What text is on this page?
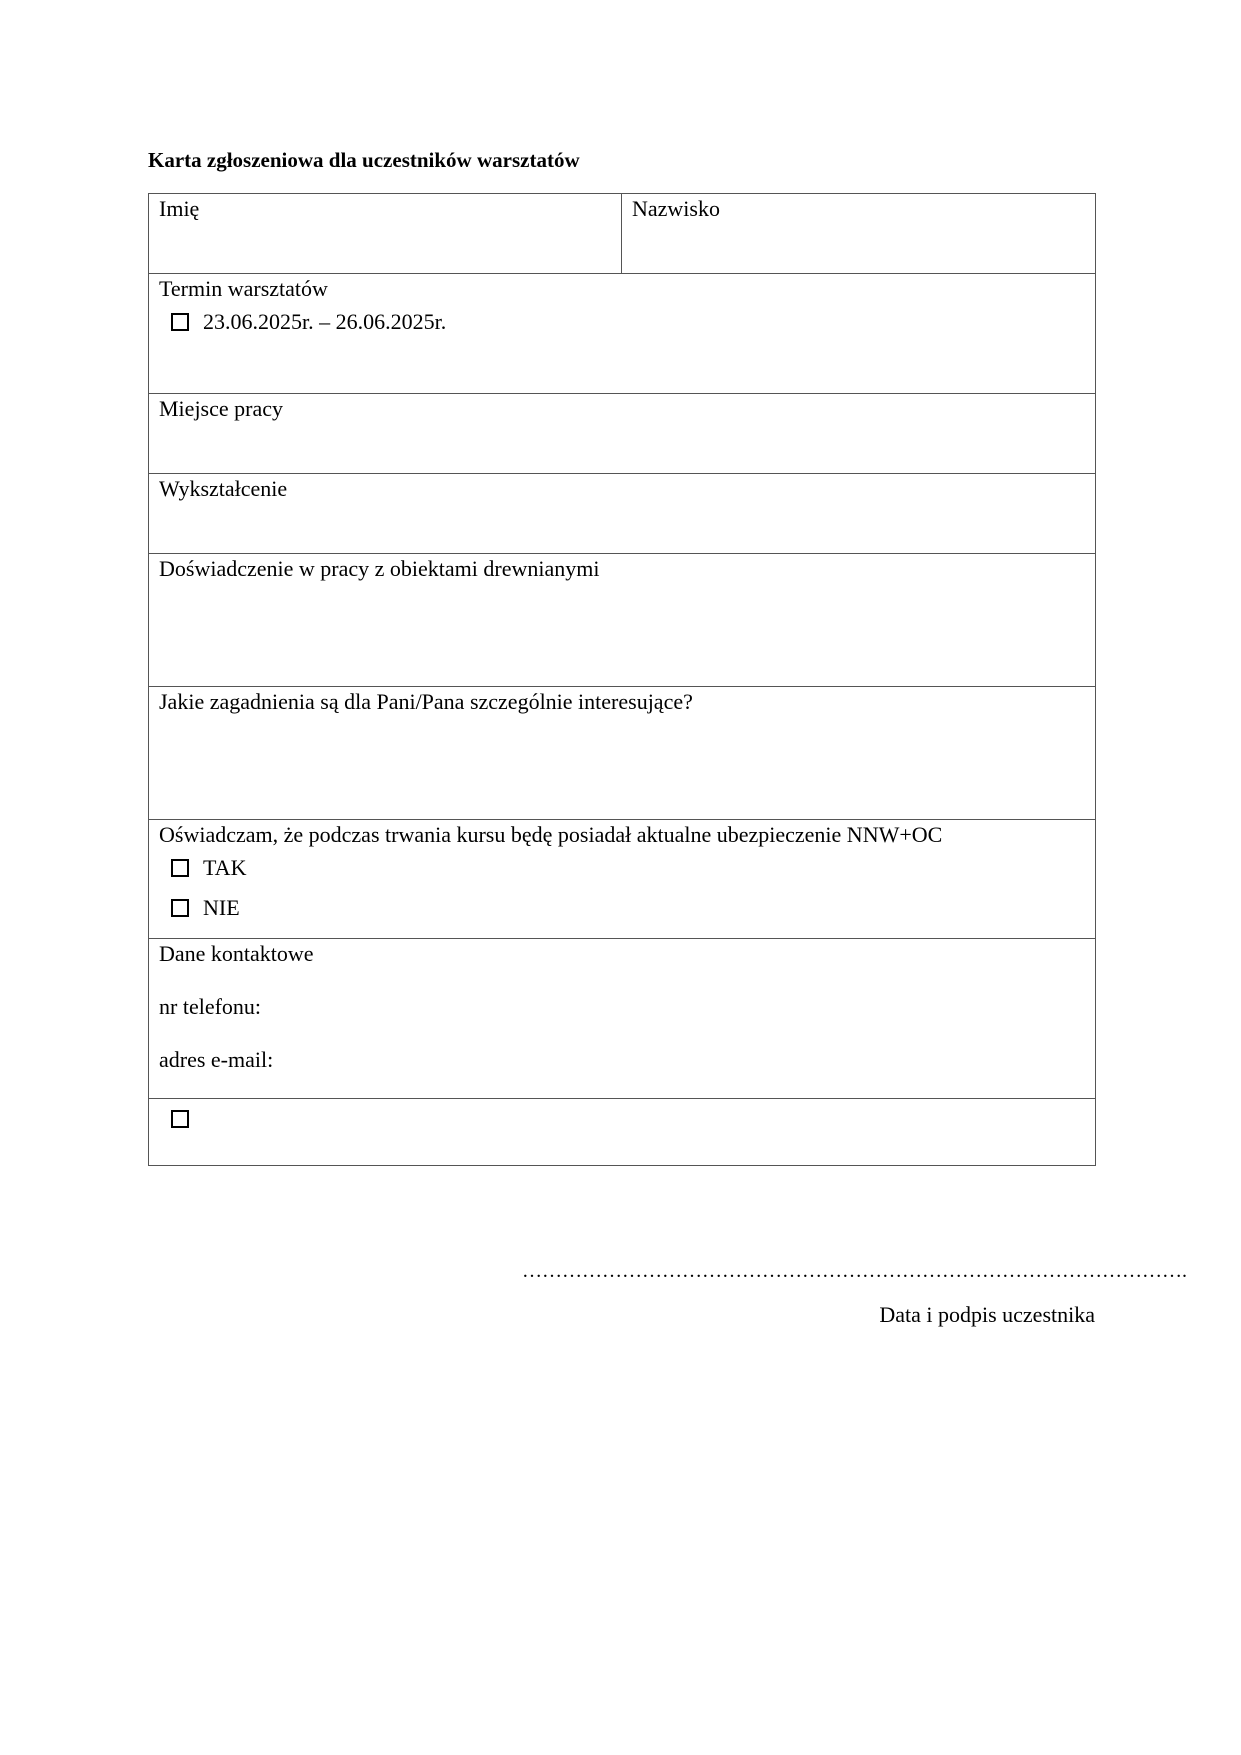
Karta zgłoszeniowa dla uczestników warsztatów
Imię	Nazwisko

Termin warsztatów
23.06.2025r. – 26.06.2025r.

Miejsce pracy
Wykształcenie
Doświadczenie w pracy z obiektami drewnianymi
Jakie zagadnienia są dla Pani/Pana szczególnie interesujące?

Oświadczam, że podczas trwania kursu będę posiadał aktualne ubezpieczenie NNW+OC
TAK
NIE

Dane kontaktowe
nr telefonu:
adres e-mail:

……………………………………………………………………………………….
Data i podpis uczestnika
